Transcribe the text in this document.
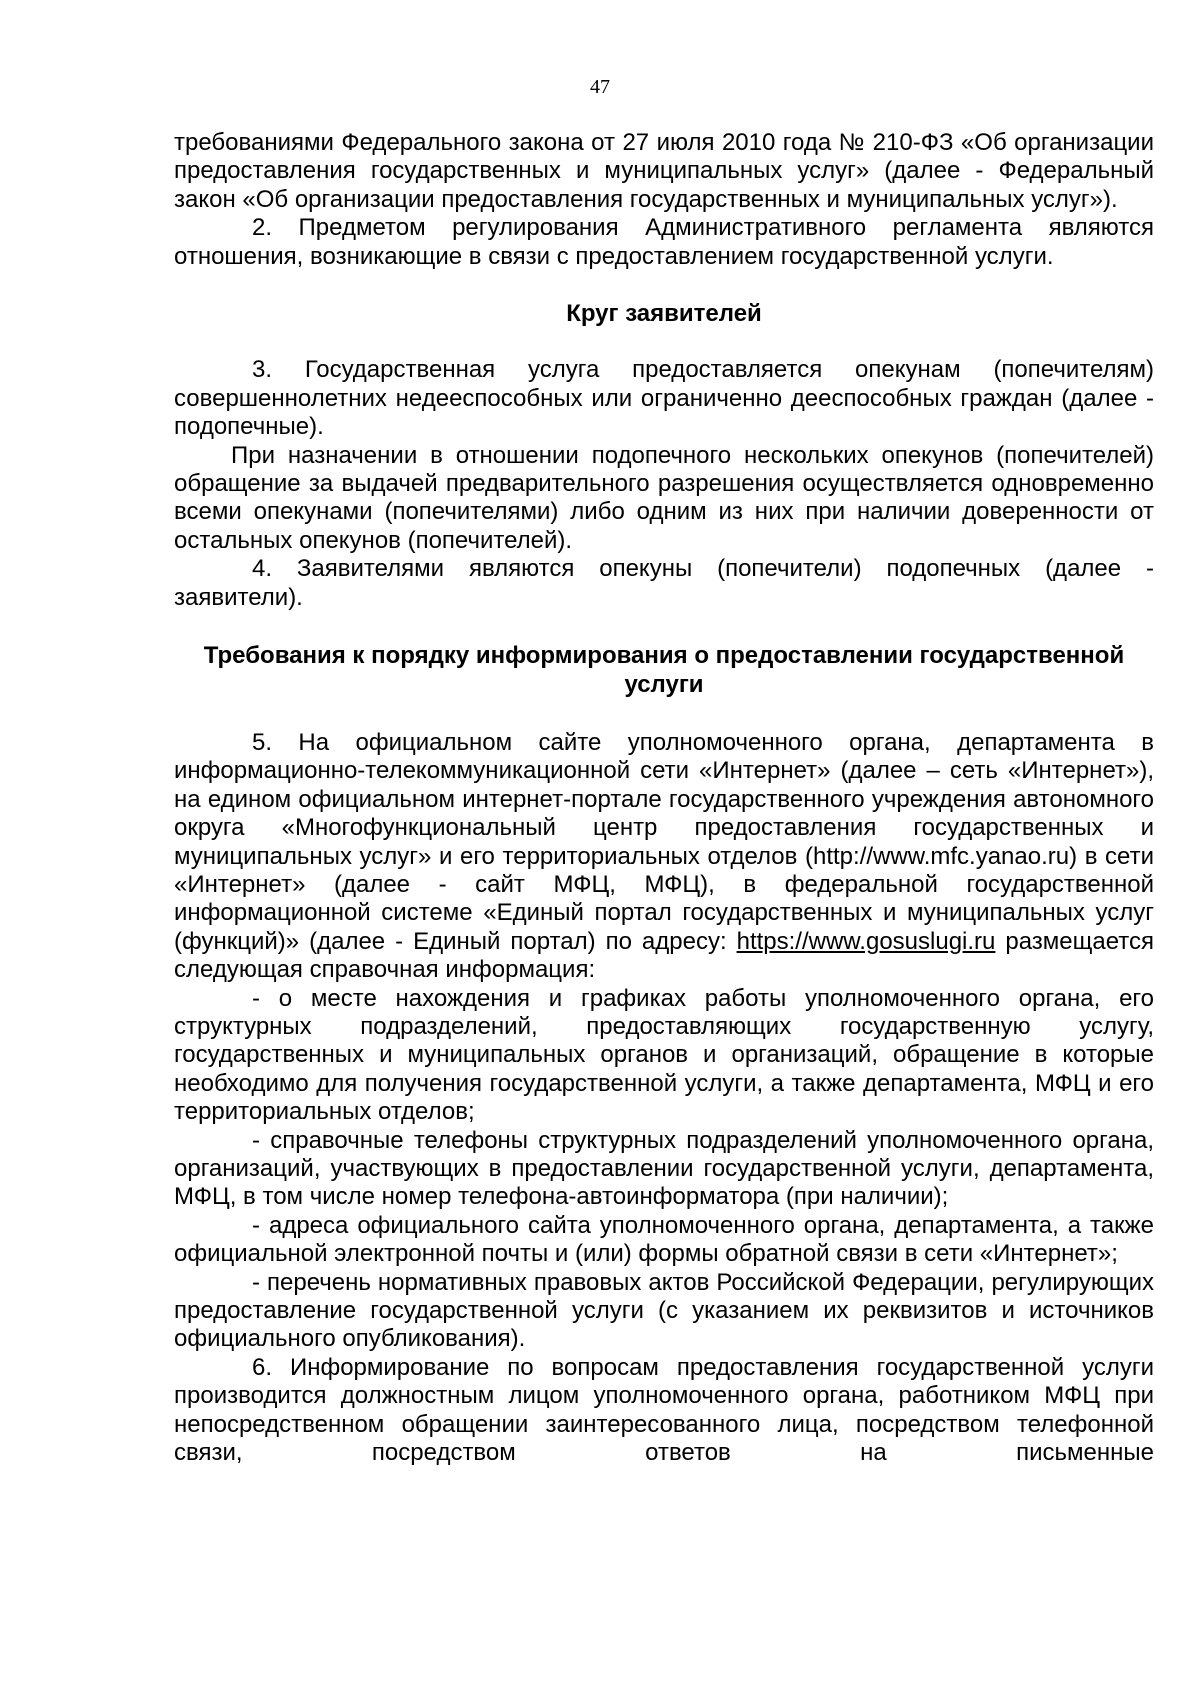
47

требованиями Федерального закона от 27 июля 2010 года № 210-ФЗ «Об организации предоставления государственных и муниципальных услуг» (далее - Федеральный закон «Об организации предоставления государственных и муниципальных услуг»).

2. Предметом регулирования Административного регламента являются отношения, возникающие в связи с предоставлением государственной услуги.

Круг заявителей

3. Государственная услуга предоставляется опекунам (попечителям) совершеннолетних недееспособных или ограниченно дееспособных граждан (далее - подопечные).

При назначении в отношении подопечного нескольких опекунов (попечителей) обращение за выдачей предварительного разрешения осуществляется одновременно всеми опекунами (попечителями) либо одним из них при наличии доверенности от остальных опекунов (попечителей).

4. Заявителями являются опекуны (попечители) подопечных (далее - заявители).

Требования к порядку информирования о предоставлении государственной услуги

5. На официальном сайте уполномоченного органа, департамента в информационно-телекоммуникационной сети «Интернет» (далее – сеть «Интернет»), на едином официальном интернет-портале государственного учреждения автономного округа «Многофункциональный центр предоставления государственных и муниципальных услуг» и его территориальных отделов (http://www.mfc.yanao.ru) в сети «Интернет» (далее - сайт МФЦ, МФЦ), в федеральной государственной информационной системе «Единый портал государственных и муниципальных услуг (функций)» (далее - Единый портал) по адресу: https://www.gosuslugi.ru размещается следующая справочная информация:

- о месте нахождения и графиках работы уполномоченного органа, его структурных подразделений, предоставляющих государственную услугу, государственных и муниципальных органов и организаций, обращение в которые необходимо для получения государственной услуги, а также департамента, МФЦ и его территориальных отделов;

- справочные телефоны структурных подразделений уполномоченного органа, организаций, участвующих в предоставлении государственной услуги, департамента, МФЦ, в том числе номер телефона-автоинформатора (при наличии);

- адреса официального сайта уполномоченного органа, департамента, а также официальной электронной почты и (или) формы обратной связи в сети «Интернет»;

- перечень нормативных правовых актов Российской Федерации, регулирующих предоставление государственной услуги (с указанием их реквизитов и источников официального опубликования).

6. Информирование по вопросам предоставления государственной услуги производится должностным лицом уполномоченного органа, работником МФЦ при непосредственном обращении заинтересованного лица, посредством телефонной связи, посредством ответов на письменные
